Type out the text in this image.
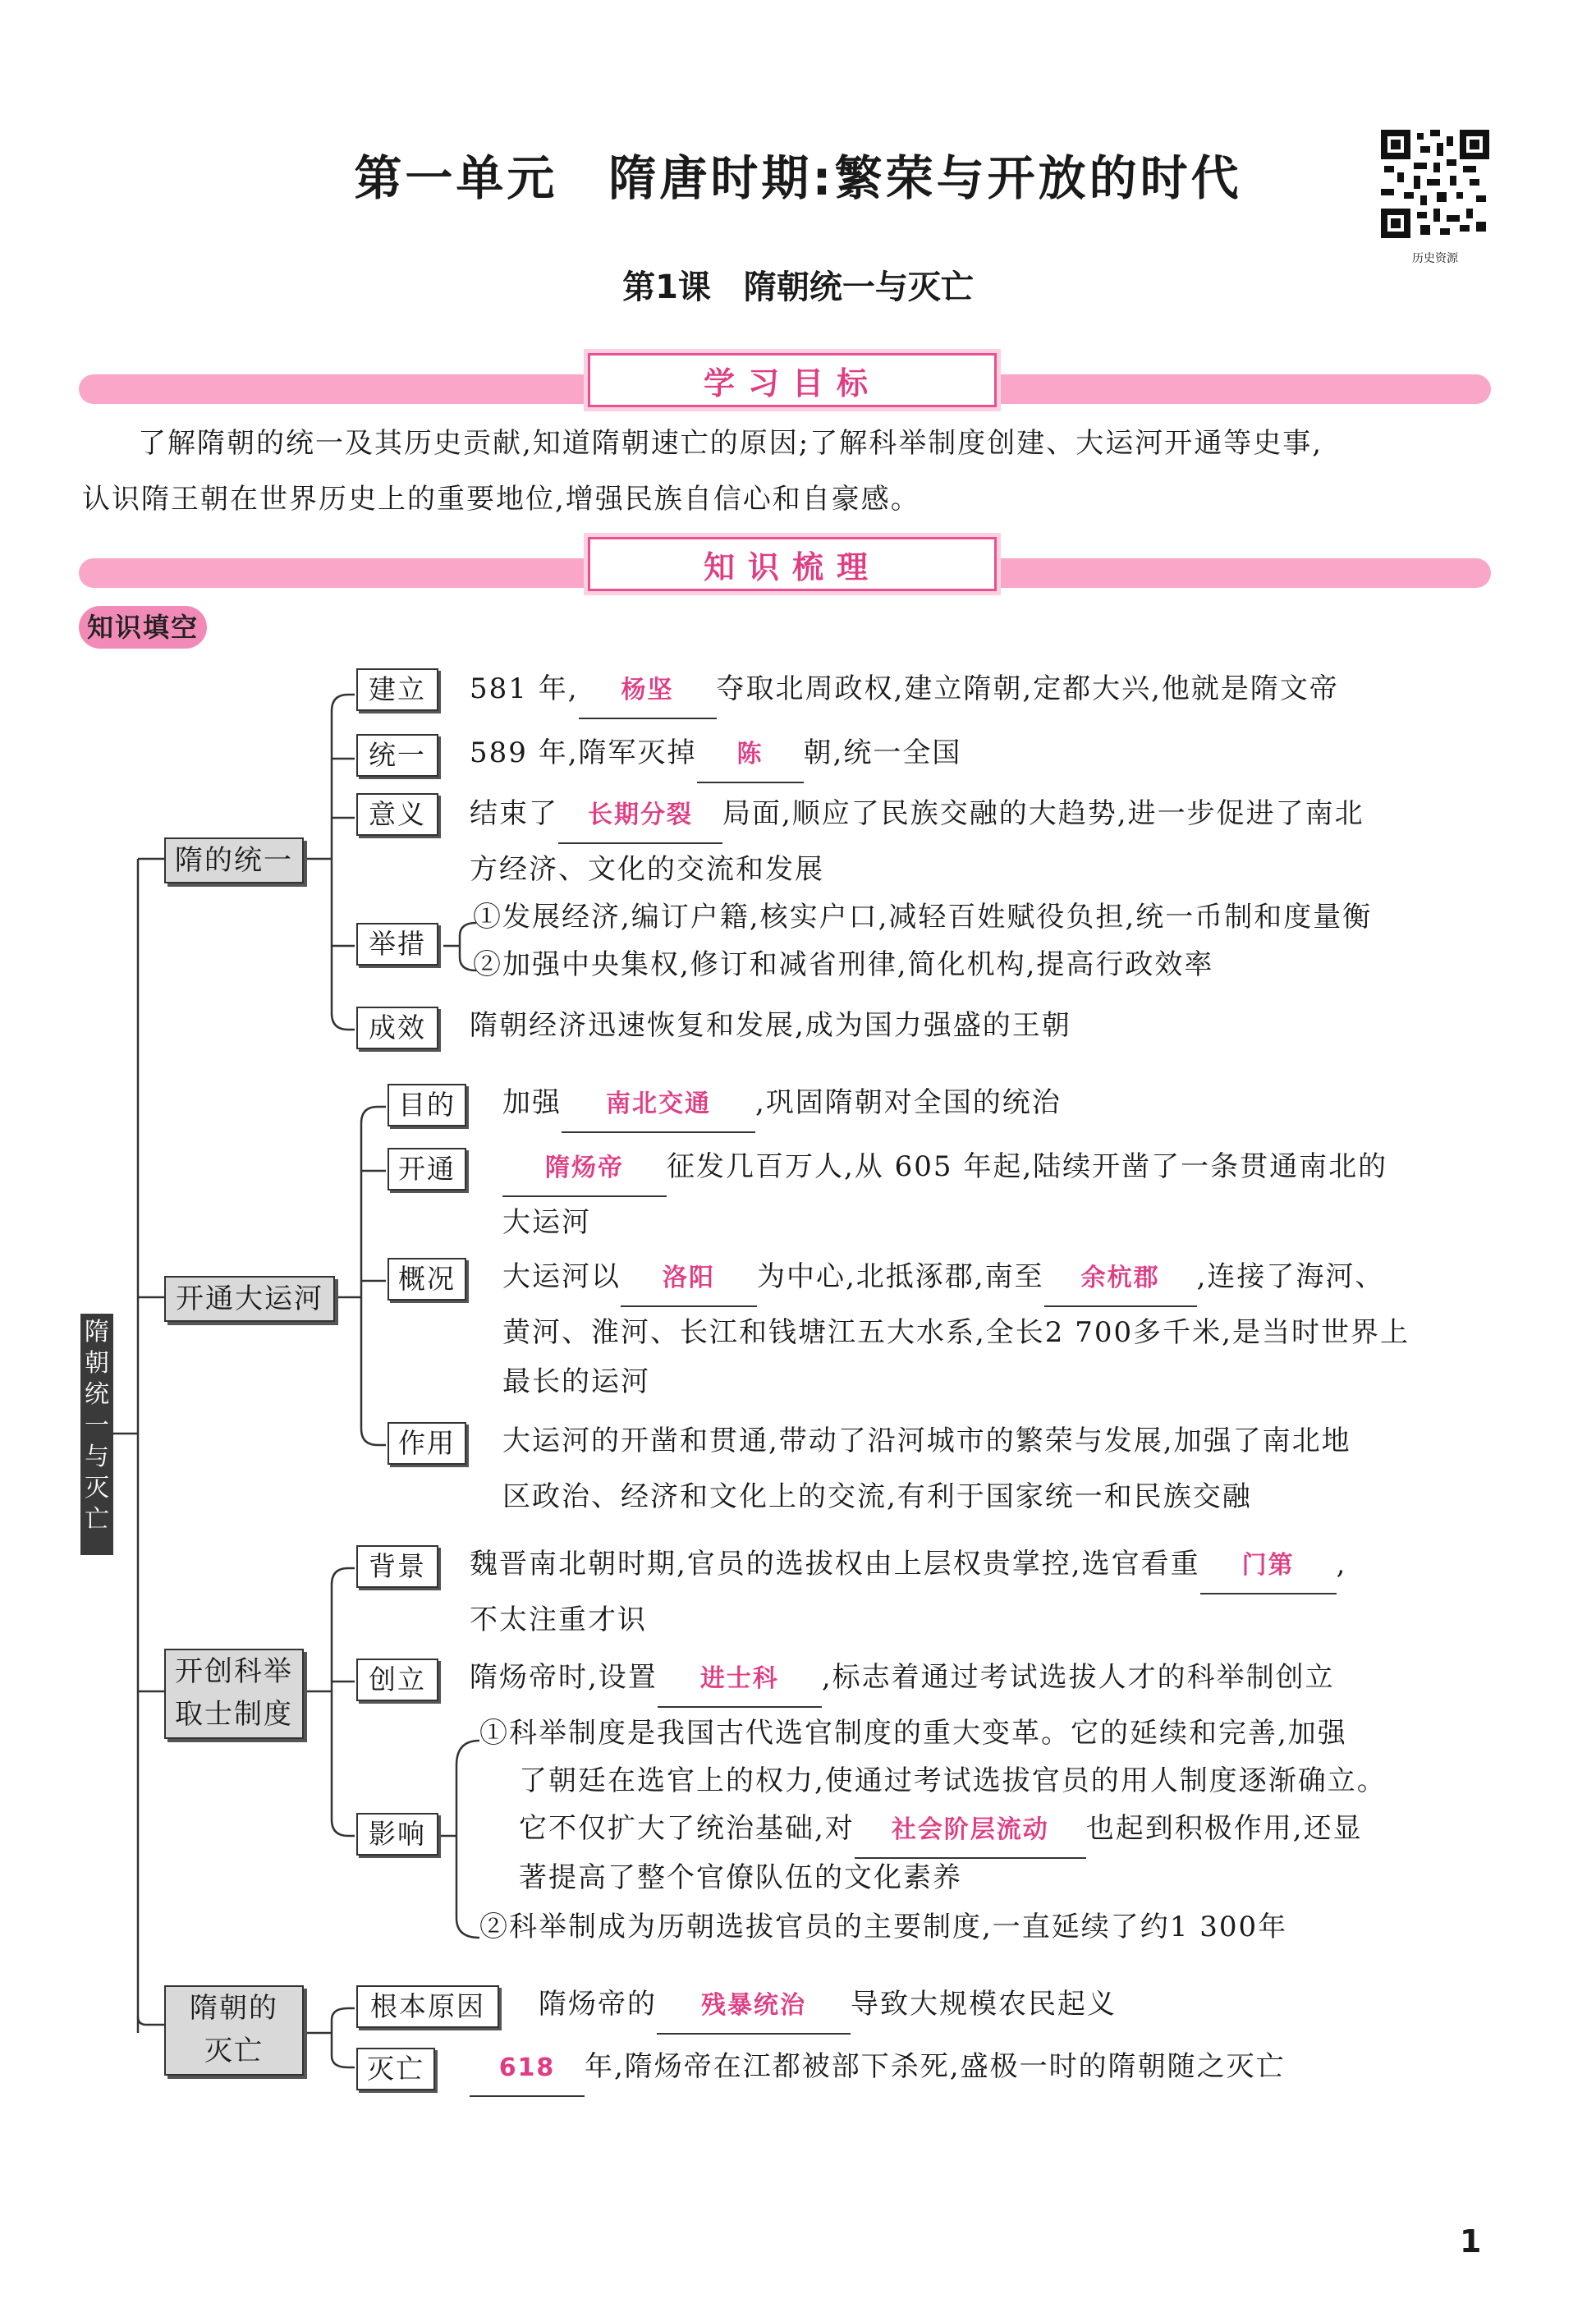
第一单元　隋唐时期:繁荣与开放的时代
第1课　隋朝统一与灭亡
历史资源
学习目标
了解隋朝的统一及其历史贡献,知道隋朝速亡的原因;了解科举制度创建、大运河开通等史事,
认识隋王朝在世界历史上的重要地位,增强民族自信心和自豪感。
知识梳理
知识填空
隋
朝
统
一
与
灭
亡
隋的统一
建立	581 年, 杨坚 夺取北周政权,建立隋朝,定都大兴,他就是隋文帝
统一	589 年,隋军灭掉 陈 朝,统一全国
意义	结束了 长期分裂 局面,顺应了民族交融的大趋势,进一步促进了南北
方经济、文化的交流和发展
举措
①发展经济,编订户籍,核实户口,减轻百姓赋役负担,统一币制和度量衡
②加强中央集权,修订和减省刑律,简化机构,提高行政效率
成效	隋朝经济迅速恢复和发展,成为国力强盛的王朝
开通大运河
目的	加强 南北交通 ,巩固隋朝对全国的统治
开通	隋炀帝 征发几百万人,从 605 年起,陆续开凿了一条贯通南北的
大运河
概况	大运河以 洛阳 为中心,北抵涿郡,南至 余杭郡 ,连接了海河、
黄河、淮河、长江和钱塘江五大水系,全长2 700多千米,是当时世界上
最长的运河
作用	大运河的开凿和贯通,带动了沿河城市的繁荣与发展,加强了南北地
区政治、经济和文化上的交流,有利于国家统一和民族交融
开创科举
取士制度
背景	魏晋南北朝时期,官员的选拔权由上层权贵掌控,选官看重 门第 ,
不太注重才识
创立	隋炀帝时,设置 进士科 ,标志着通过考试选拔人才的科举制创立
影响
①科举制度是我国古代选官制度的重大变革。它的延续和完善,加强
了朝廷在选官上的权力,使通过考试选拔官员的用人制度逐渐确立。
它不仅扩大了统治基础,对 社会阶层流动 也起到积极作用,还显
著提高了整个官僚队伍的文化素养
②科举制成为历朝选拔官员的主要制度,一直延续了约1 300年
隋朝的
灭亡
根本原因	隋炀帝的 残暴统治 导致大规模农民起义
灭亡	618 年,隋炀帝在江都被部下杀死,盛极一时的隋朝随之灭亡
1
